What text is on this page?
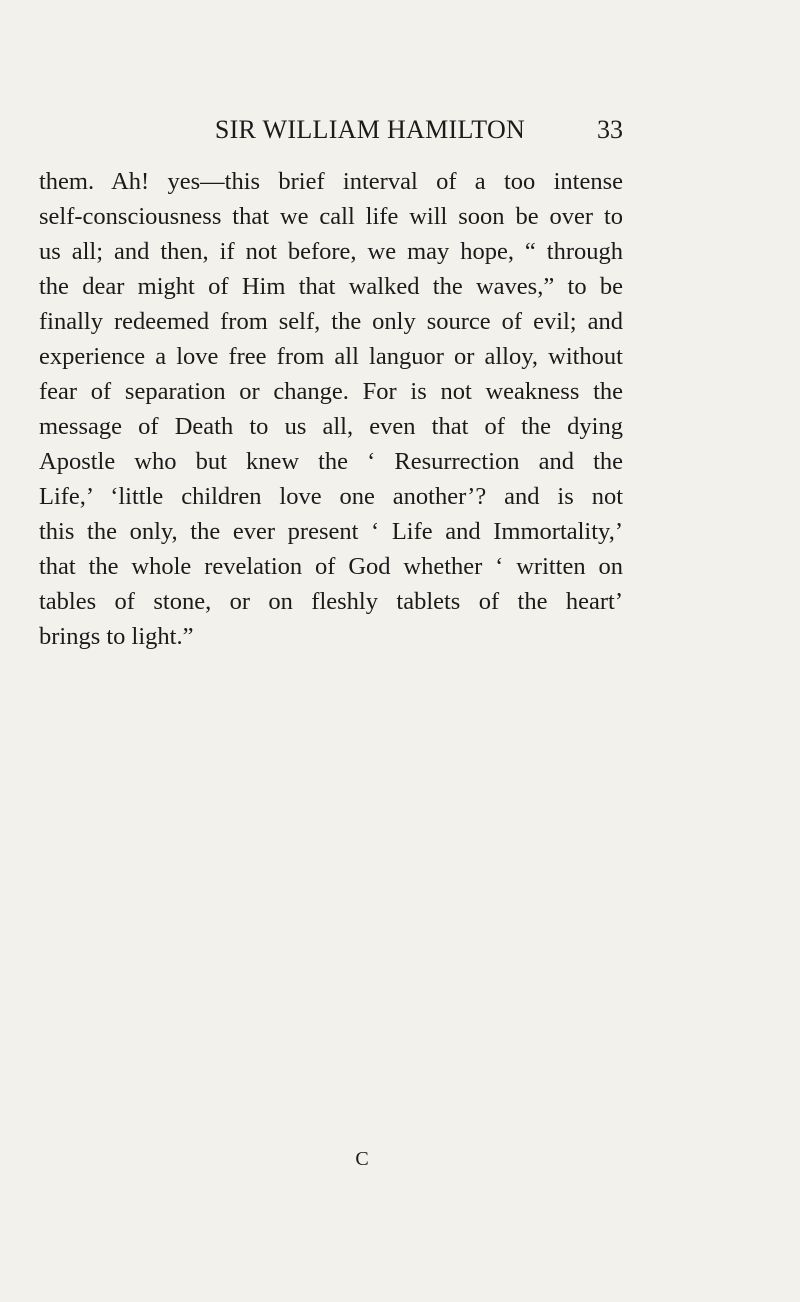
SIR WILLIAM HAMILTON	33
them. Ah! yes—this brief interval of a too intense
self-consciousness that we call life will soon be over to
us all; and then, if not before, we may hope, “ through
the dear might of Him that walked the waves,” to be
finally redeemed from self, the only source of evil; and
experience a love free from all languor or alloy, without
fear of separation or change. For is not weakness the
message of Death to us all, even that of the dying
Apostle who but knew the ‘ Resurrection and the
Life,’ ‘little children love one another’? and is not
this the only, the ever present ‘ Life and Immortality,’
that the whole revelation of God whether ‘ written on
tables of stone, or on fleshly tablets of the heart’
brings to light.”
C
